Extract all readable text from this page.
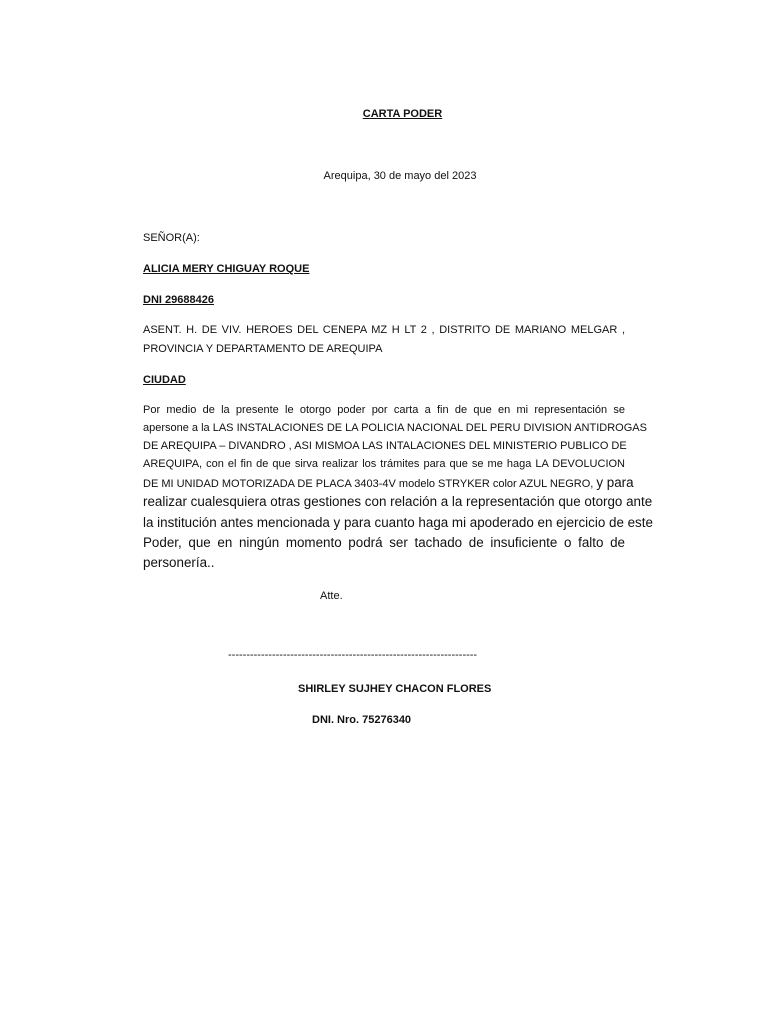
CARTA PODER
Arequipa, 30 de mayo del 2023
SEÑOR(A):
ALICIA MERY CHIGUAY ROQUE
DNI 29688426
ASENT. H. DE VIV. HEROES DEL CENEPA MZ H LT 2 , DISTRITO DE MARIANO MELGAR ,
PROVINCIA Y DEPARTAMENTO DE AREQUIPA
CIUDAD
Por medio de la presente le otorgo poder por carta a fin de que en mi representación se
apersone a la LAS INSTALACIONES DE LA POLICIA NACIONAL DEL PERU DIVISION ANTIDROGAS
DE AREQUIPA – DIVANDRO , ASI MISMOA LAS INTALACIONES DEL MINISTERIO PUBLICO DE
AREQUIPA, con el fin de que sirva realizar los trámites para que se me haga LA DEVOLUCION
DE MI UNIDAD MOTORIZADA DE PLACA 3403-4V modelo STRYKER color AZUL NEGRO, y para
realizar cualesquiera otras gestiones con relación a la representación que otorgo ante
la institución antes mencionada y para cuanto haga mi apoderado en ejercicio de este
Poder, que en ningún momento podrá ser tachado de insuficiente o falto de
personería..
Atte.
--------------------------------------------------------------------
SHIRLEY SUJHEY CHACON FLORES
DNI. Nro. 75276340
